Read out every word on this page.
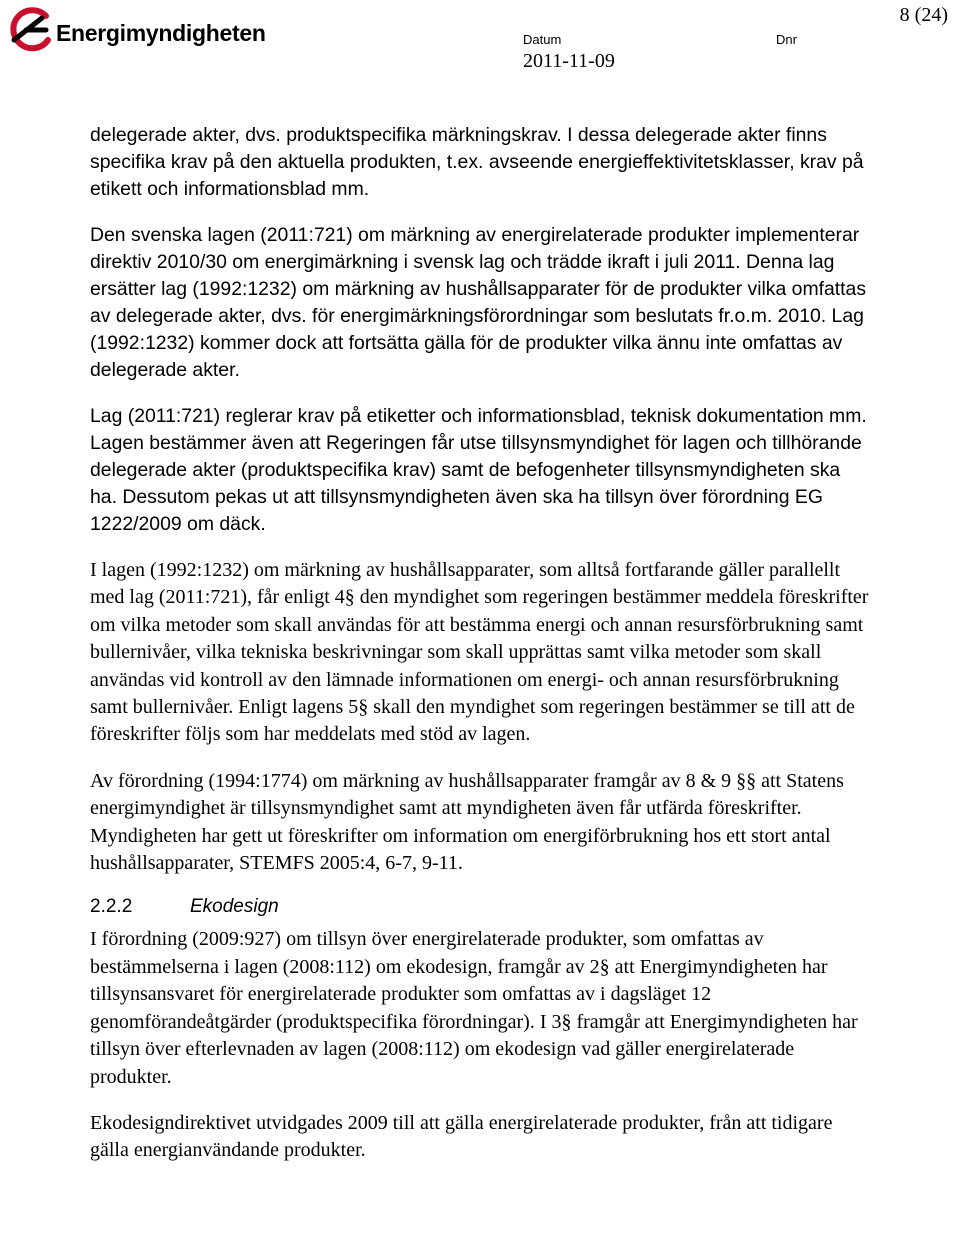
Energimyndigheten
8 (24)
Datum
2011-11-09
Dnr

delegerade akter, dvs. produktspecifika märkningskrav. I dessa delegerade akter finns specifika krav på den aktuella produkten, t.ex. avseende energieffektivitetsklasser, krav på etikett och informationsblad mm.

Den svenska lagen (2011:721) om märkning av energirelaterade produkter implementerar direktiv 2010/30 om energimärkning i svensk lag och trädde ikraft i juli 2011. Denna lag ersätter lag (1992:1232) om märkning av hushållsapparater för de produkter vilka omfattas av delegerade akter, dvs. för energimärkningsförordningar som beslutats fr.o.m. 2010. Lag (1992:1232) kommer dock att fortsätta gälla för de produkter vilka ännu inte omfattas av delegerade akter.

Lag (2011:721) reglerar krav på etiketter och informationsblad, teknisk dokumentation mm. Lagen bestämmer även att Regeringen får utse tillsynsmyndighet för lagen och tillhörande delegerade akter (produktspecifika krav) samt de befogenheter tillsynsmyndigheten ska ha. Dessutom pekas ut att tillsynsmyndigheten även ska ha tillsyn över förordning EG 1222/2009 om däck.

I lagen (1992:1232) om märkning av hushållsapparater, som alltså fortfarande gäller parallellt med lag (2011:721), får enligt 4§ den myndighet som regeringen bestämmer meddela föreskrifter om vilka metoder som skall användas för att bestämma energi och annan resursförbrukning samt bullernivåer, vilka tekniska beskrivningar som skall upprättas samt vilka metoder som skall användas vid kontroll av den lämnade informationen om energi- och annan resursförbrukning samt bullernivåer. Enligt lagens 5§ skall den myndighet som regeringen bestämmer se till att de föreskrifter följs som har meddelats med stöd av lagen.

Av förordning (1994:1774) om märkning av hushållsapparater framgår av 8 & 9 §§ att Statens energimyndighet är tillsynsmyndighet samt att myndigheten även får utfärda föreskrifter. Myndigheten har gett ut föreskrifter om information om energiförbrukning hos ett stort antal hushållsapparater, STEMFS 2005:4, 6-7, 9-11.

2.2.2	Ekodesign

I förordning (2009:927) om tillsyn över energirelaterade produkter, som omfattas av bestämmelserna i lagen (2008:112) om ekodesign, framgår av 2§ att Energimyndigheten har tillsynsansvaret för energirelaterade produkter som omfattas av i dagsläget 12 genomförandeåtgärder (produktspecifika förordningar). I 3§ framgår att Energimyndigheten har tillsyn över efterlevnaden av lagen (2008:112) om ekodesign vad gäller energirelaterade produkter.

Ekodesigndirektivet utvidgades 2009 till att gälla energirelaterade produkter, från att tidigare gälla energianvändande produkter.
